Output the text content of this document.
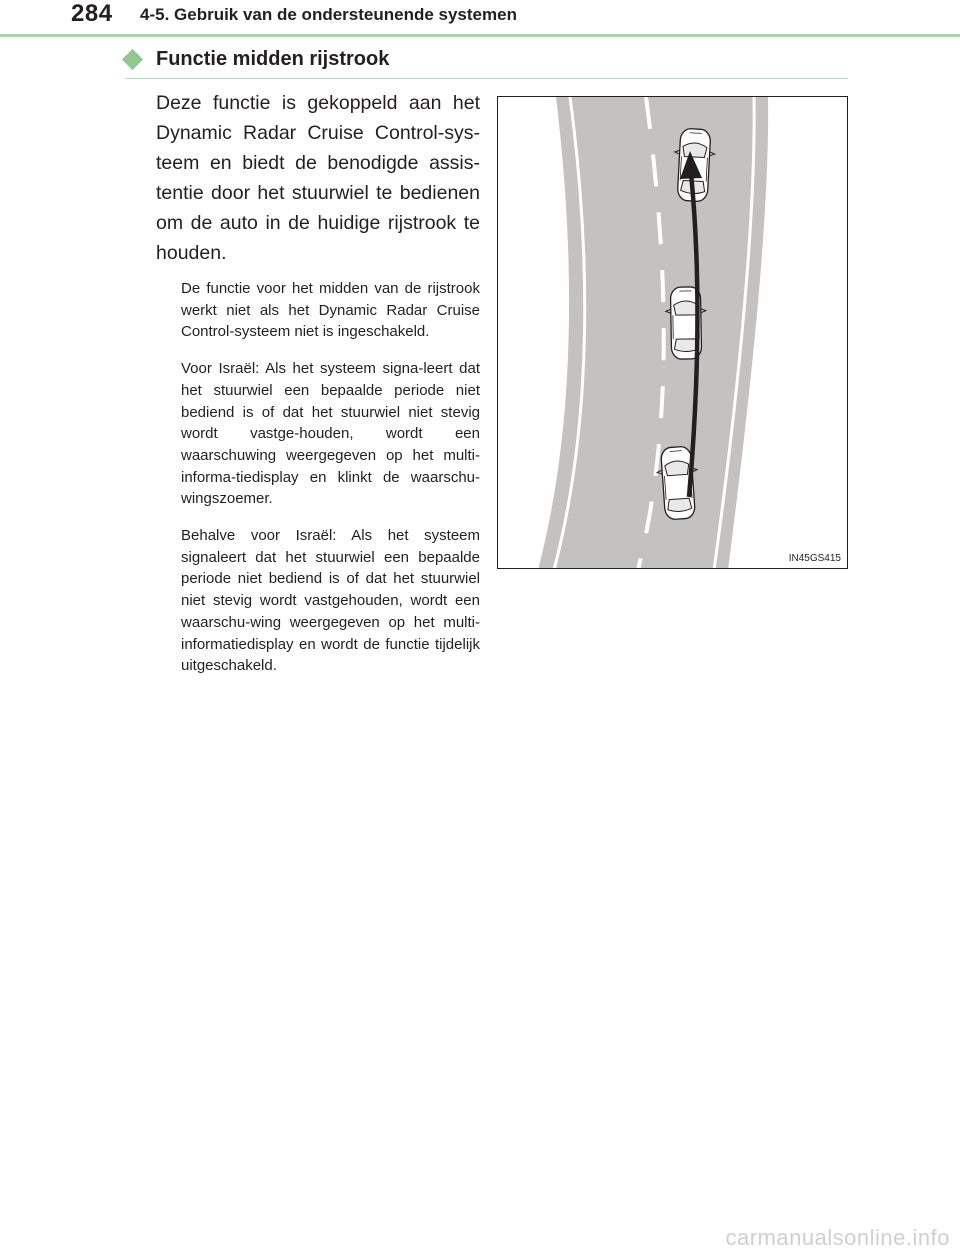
284 4-5. Gebruik van de ondersteunende systemen
Functie midden rijstrook
Deze functie is gekoppeld aan het Dynamic Radar Cruise Control-sys-teem en biedt de benodigde assis-tentie door het stuurwiel te bedienen om de auto in de huidige rijstrook te houden.

De functie voor het midden van de rijstrook werkt niet als het Dynamic Radar Cruise Control-systeem niet is ingeschakeld.

Voor Israël: Als het systeem signa-leert dat het stuurwiel een bepaalde periode niet bediend is of dat het stuurwiel niet stevig wordt vastge-houden, wordt een waarschuwing weergegeven op het multi-informa-tiedisplay en klinkt de waarschu-wingszoemer.

Behalve voor Israël: Als het systeem signaleert dat het stuurwiel een bepaalde periode niet bediend is of dat het stuurwiel niet stevig wordt vastgehouden, wordt een waarschu-wing weergegeven op het multi-informatiedisplay en wordt de functie tijdelijk uitgeschakeld.

IN45GS415
carmanualsonline.info
